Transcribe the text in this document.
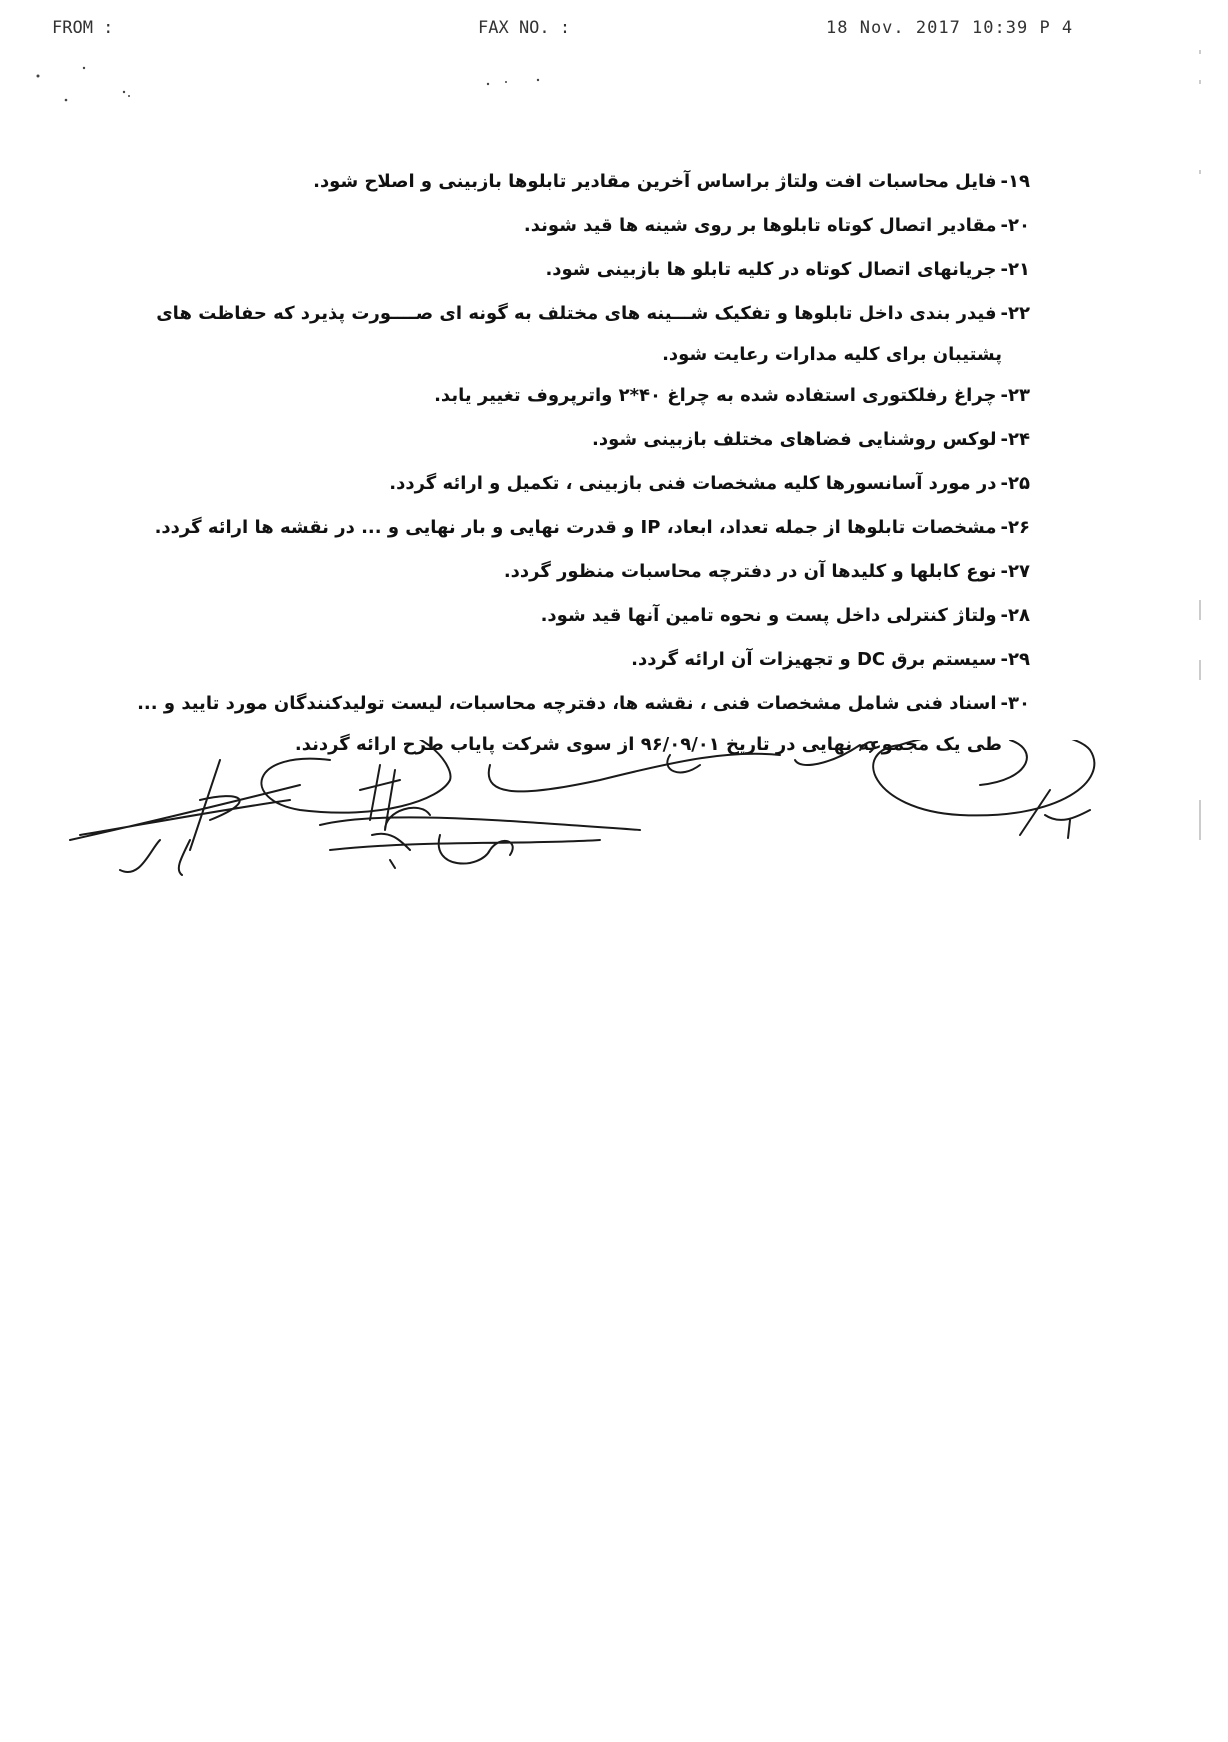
FROM :	FAX NO. :	18 Nov. 2017 10:39 P 4
۱۹-فایل محاسبات افت ولتاژ براساس آخرین مقادیر تابلوها بازبینی و اصلاح شود.
۲۰-مقادیر اتصال کوتاه تابلوها بر روی شینه ها قید شوند.
۲۱-جریانهای اتصال کوتاه در کلیه تابلو ها بازبینی شود.
۲۲-فیدر بندی داخل تابلوها و تفکیک شـــینه های مختلف به گونه ای صــــورت پذیرد که حفاظت های
پشتیبان برای کلیه مدارات رعایت شود.
۲۳-چراغ رفلکتوری استفاده شده به چراغ ۴۰*۲ واترپروف تغییر یابد.
۲۴-لوکس روشنایی فضاهای مختلف بازبینی شود.
۲۵-در مورد آسانسورها کلیه مشخصات فنی بازبینی ، تکمیل و ارائه گردد.
۲۶-مشخصات تابلوها از جمله تعداد، ابعاد، IP و قدرت نهایی و بار نهایی و ... در نقشه ها ارائه گردد.
۲۷-نوع کابلها و کلیدها آن در دفترچه محاسبات منظور گردد.
۲۸-ولتاژ کنترلی داخل پست و نحوه تامین آنها قید شود.
۲۹-سیستم برق DC و تجهیزات آن ارائه گردد.
۳۰-اسناد فنی شامل مشخصات فنی ، نقشه ها، دفترچه محاسبات، لیست تولیدکنندگان مورد تایید و ...
طی یک مجموعه نهایی در تاریخ ۹۶/۰۹/۰۱ از سوی شرکت پایاب طرح ارائه گردند.
